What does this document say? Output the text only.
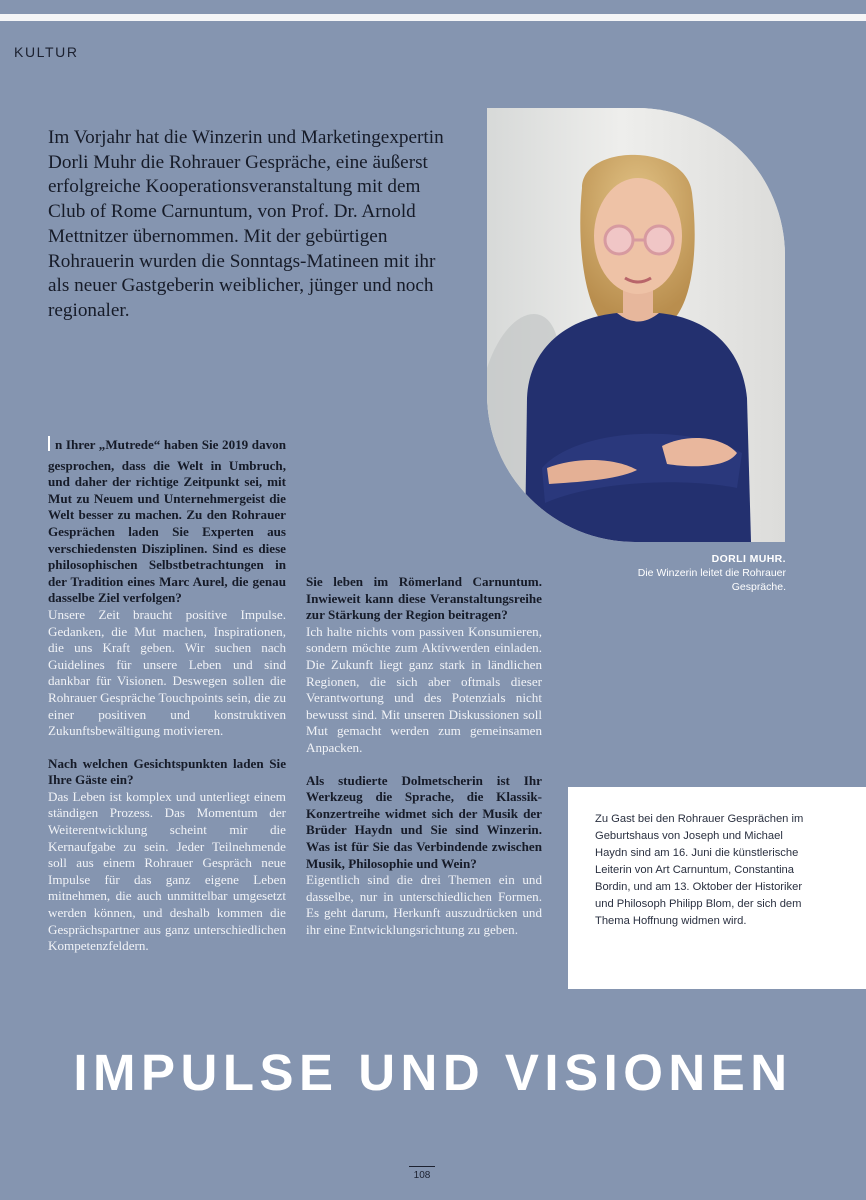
KULTUR
Im Vorjahr hat die Winzerin und Marketingexpertin Dorli Muhr die Rohrauer Gespräche, eine äußerst erfolgreiche Kooperationsveranstaltung mit dem Club of Rome Carnuntum, von Prof. Dr. Arnold Mettnitzer übernommen. Mit der gebürtigen Rohrauerin wurden die Sonntags-Matineen mit ihr als neuer Gastgeberin weiblicher, jünger und noch regionaler.
DORLI MUHR.
Die Winzerin leitet die Rohrauer Gespräche.

n Ihrer „Mutrede“ haben Sie 2019 davon gesprochen, dass die Welt in Umbruch, und daher der richtige Zeitpunkt sei, mit Mut zu Neuem und Unternehmergeist die Welt besser zu machen. Zu den Rohrauer Gesprächen laden Sie Experten aus verschiedensten Disziplinen. Sind es diese philosophischen Selbstbetrachtungen in der Tradition eines Marc Aurel, die genau dasselbe Ziel verfolgen?

Unsere Zeit braucht positive Impulse. Gedanken, die Mut machen, Inspirationen, die uns Kraft geben. Wir suchen nach Guidelines für unsere Leben und sind dankbar für Visionen. Deswegen sollen die Rohrauer Gespräche Touchpoints sein, die zu einer positiven und konstruktiven Zukunftsbewältigung motivieren.

Nach welchen Gesichtspunkten laden Sie Ihre Gäste ein?

Das Leben ist komplex und unterliegt einem ständigen Prozess. Das Momentum der Weiterentwicklung scheint mir die Kernaufgabe zu sein. Jeder Teilnehmende soll aus einem Rohrauer Gespräch neue Impulse für das ganz eigene Leben mitnehmen, die auch unmittelbar umgesetzt werden können, und deshalb kommen die Gesprächspartner aus ganz unterschiedlichen Kompetenzfeldern.

Sie leben im Römerland Carnuntum. Inwieweit kann diese Veranstaltungsreihe zur Stärkung der Region beitragen?

Ich halte nichts vom passiven Konsumieren, sondern möchte zum Aktivwerden einladen. Die Zukunft liegt ganz stark in ländlichen Regionen, die sich aber oftmals dieser Verantwortung und des Potenzials nicht bewusst sind. Mit unseren Diskussionen soll Mut gemacht werden zum gemeinsamen Anpacken.

Als studierte Dolmetscherin ist Ihr Werkzeug die Sprache, die Klassik-Konzertreihe widmet sich der Musik der Brüder Haydn und Sie sind Winzerin. Was ist für Sie das Verbindende zwischen Musik, Philosophie und Wein?

Eigentlich sind die drei Themen ein und dasselbe, nur in unterschiedlichen Formen. Es geht darum, Herkunft auszudrücken und ihr eine Entwicklungsrichtung zu geben.

Zu Gast bei den Rohrauer Gesprächen im Geburtshaus von Joseph und Michael Haydn sind am 16. Juni die künstlerische Leiterin von Art Carnuntum, Constantina Bordin, und am 13. Oktober der Historiker und Philosoph Philipp Blom, der sich dem Thema Hoffnung widmen wird.

IMPULSE UND VISIONEN
108
